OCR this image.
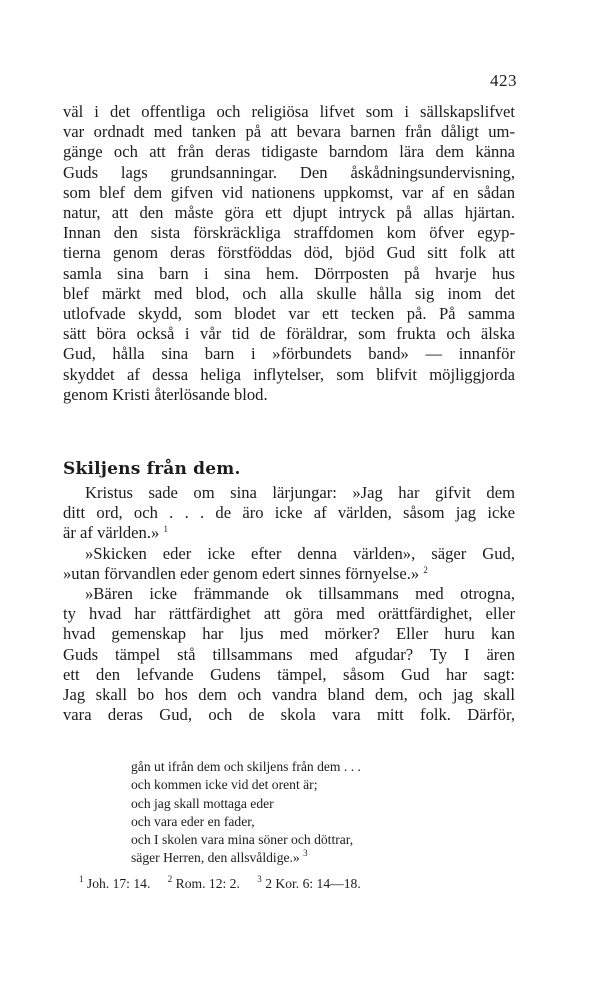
423
väl i det offentliga och religiösa lifvet som i sällskapslifvet
var ordnadt med tanken på att bevara barnen från dåligt um-
gänge och att från deras tidigaste barndom lära dem känna
Guds lags grundsanningar. Den åskådningsundervisning,
som blef dem gifven vid nationens uppkomst, var af en sådan
natur, att den måste göra ett djupt intryck på allas hjärtan.
Innan den sista förskräckliga straffdomen kom öfver egyp-
tierna genom deras förstföddas död, bjöd Gud sitt folk att
samla sina barn i sina hem. Dörrposten på hvarje hus
blef märkt med blod, och alla skulle hålla sig inom det
utlofvade skydd, som blodet var ett tecken på. På samma
sätt böra också i vår tid de föräldrar, som frukta och älska
Gud, hålla sina barn i »förbundets band» — innanför
skyddet af dessa heliga inflytelser, som blifvit möjliggjorda
genom Kristi återlösande blod.
Skiljens från dem.
Kristus sade om sina lärjungar: »Jag har gifvit dem
ditt ord, och . . . de äro icke af världen, såsom jag icke
är af världen.» $^1$
»Skicken eder icke efter denna världen», säger Gud,
»utan förvandlen eder genom edert sinnes förnyelse.» $^2$
»Bären icke främmande ok tillsammans med otrogna,
ty hvad har rättfärdighet att göra med orättfärdighet, eller
hvad gemenskap har ljus med mörker? Eller huru kan
Guds tämpel stå tillsammans med afgudar? Ty I ären
ett den lefvande Gudens tämpel, såsom Gud har sagt:
Jag skall bo hos dem och vandra bland dem, och jag skall
vara deras Gud, och de skola vara mitt folk. Därför,
gån ut ifrån dem och skiljens från dem . . .
och kommen icke vid det orent är;
och jag skall mottaga eder
och vara eder en fader,
och I skolen vara mina söner och döttrar,
säger Herren, den allsvåldige.» $^3$
$^1$ Joh. 17: 14. $^2$ Rom. 12: 2. $^3$ 2 Kor. 6: 14—18.
